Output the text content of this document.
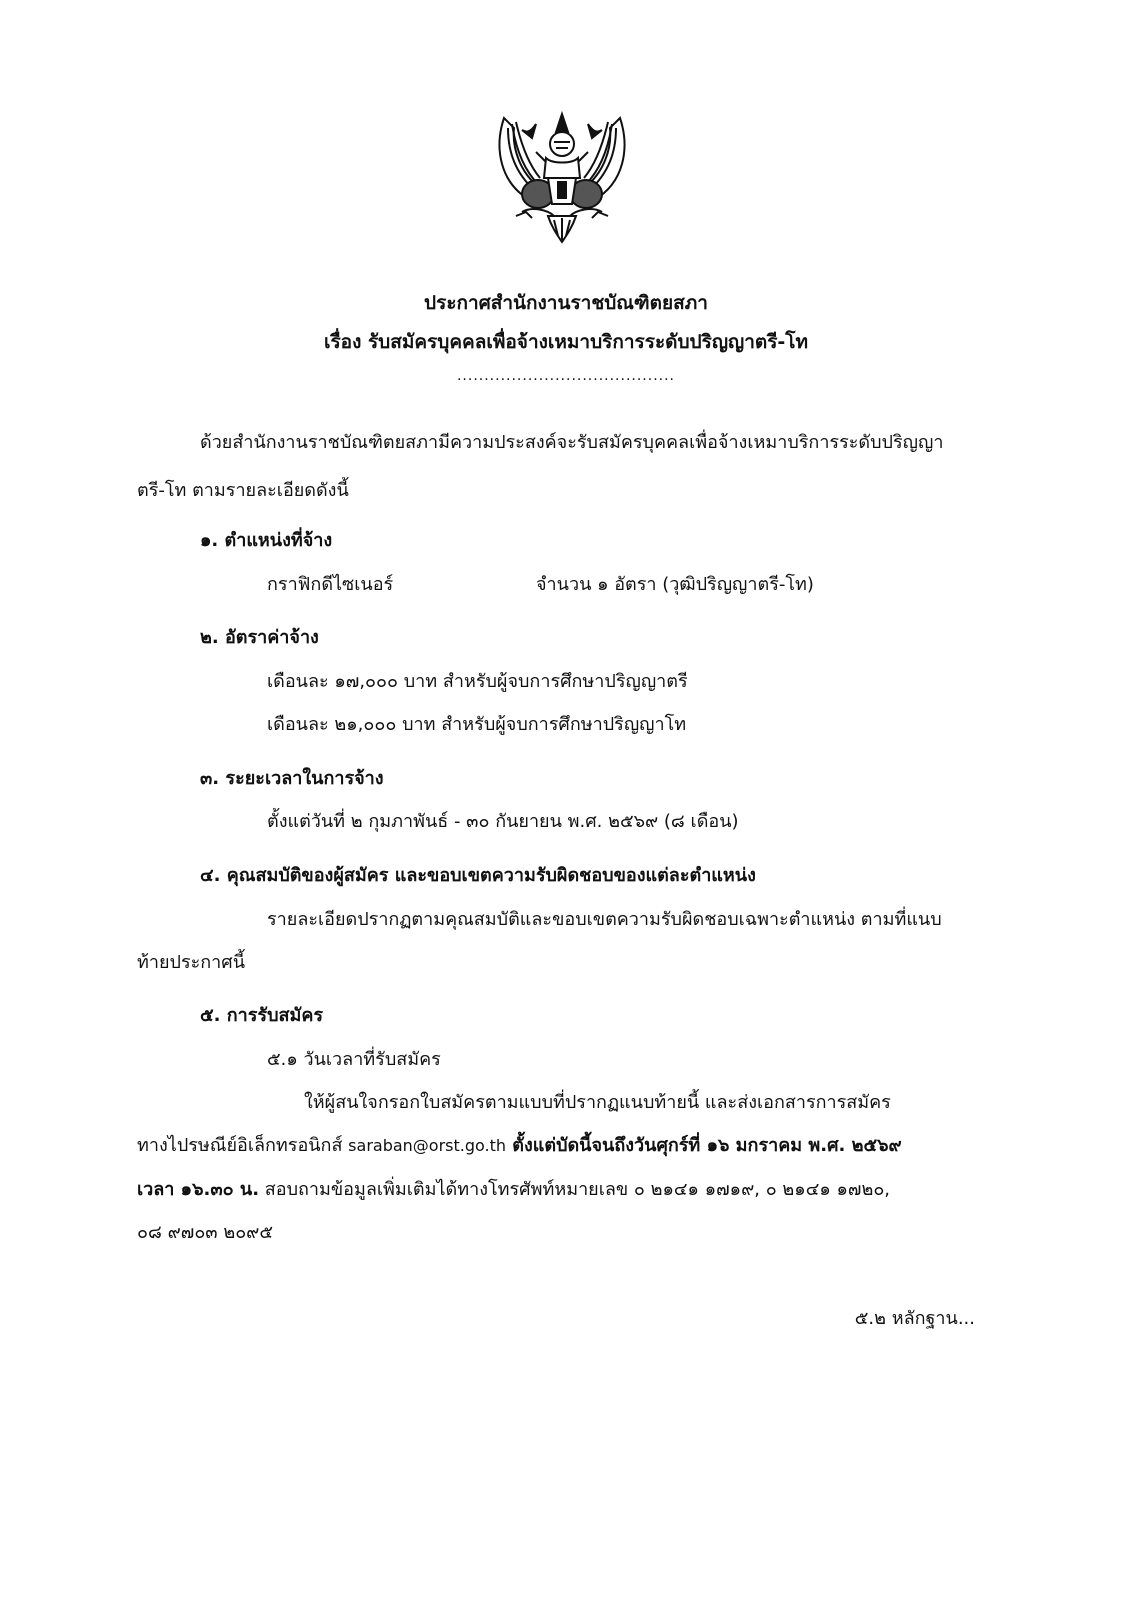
ประกาศสำนักงานราชบัณฑิตยสภา
เรื่อง รับสมัครบุคคลเพื่อจ้างเหมาบริการระดับปริญญาตรี-โท
........................................
ด้วยสำนักงานราชบัณฑิตยสภามีความประสงค์จะรับสมัครบุคคลเพื่อจ้างเหมาบริการระดับปริญญา
ตรี-โท ตามรายละเอียดดังนี้
๑. ตำแหน่งที่จ้าง
กราฟิกดีไซเนอร์	จำนวน ๑ อัตรา (วุฒิปริญญาตรี-โท)
๒. อัตราค่าจ้าง
เดือนละ ๑๗,๐๐๐ บาท สำหรับผู้จบการศึกษาปริญญาตรี
เดือนละ ๒๑,๐๐๐ บาท สำหรับผู้จบการศึกษาปริญญาโท
๓. ระยะเวลาในการจ้าง
ตั้งแต่วันที่ ๒ กุมภาพันธ์ - ๓๐ กันยายน พ.ศ. ๒๕๖๙ (๘ เดือน)
๔. คุณสมบัติของผู้สมัคร และขอบเขตความรับผิดชอบของแต่ละตำแหน่ง
รายละเอียดปรากฏตามคุณสมบัติและขอบเขตความรับผิดชอบเฉพาะตำแหน่ง ตามที่แนบ
ท้ายประกาศนี้
๕. การรับสมัคร
๕.๑ วันเวลาที่รับสมัคร
ให้ผู้สนใจกรอกใบสมัครตามแบบที่ปรากฏแนบท้ายนี้ และส่งเอกสารการสมัคร
ทางไปรษณีย์อิเล็กทรอนิกส์ saraban@orst.go.th ตั้งแต่บัดนี้จนถึงวันศุกร์ที่ ๑๖ มกราคม พ.ศ. ๒๕๖๙
เวลา ๑๖.๓๐ น. สอบถามข้อมูลเพิ่มเติมได้ทางโทรศัพท์หมายเลข ๐ ๒๑๔๑ ๑๗๑๙, ๐ ๒๑๔๑ ๑๗๒๐,
๐๘ ๙๗๐๓ ๒๐๙๕
๕.๒ หลักฐาน...
